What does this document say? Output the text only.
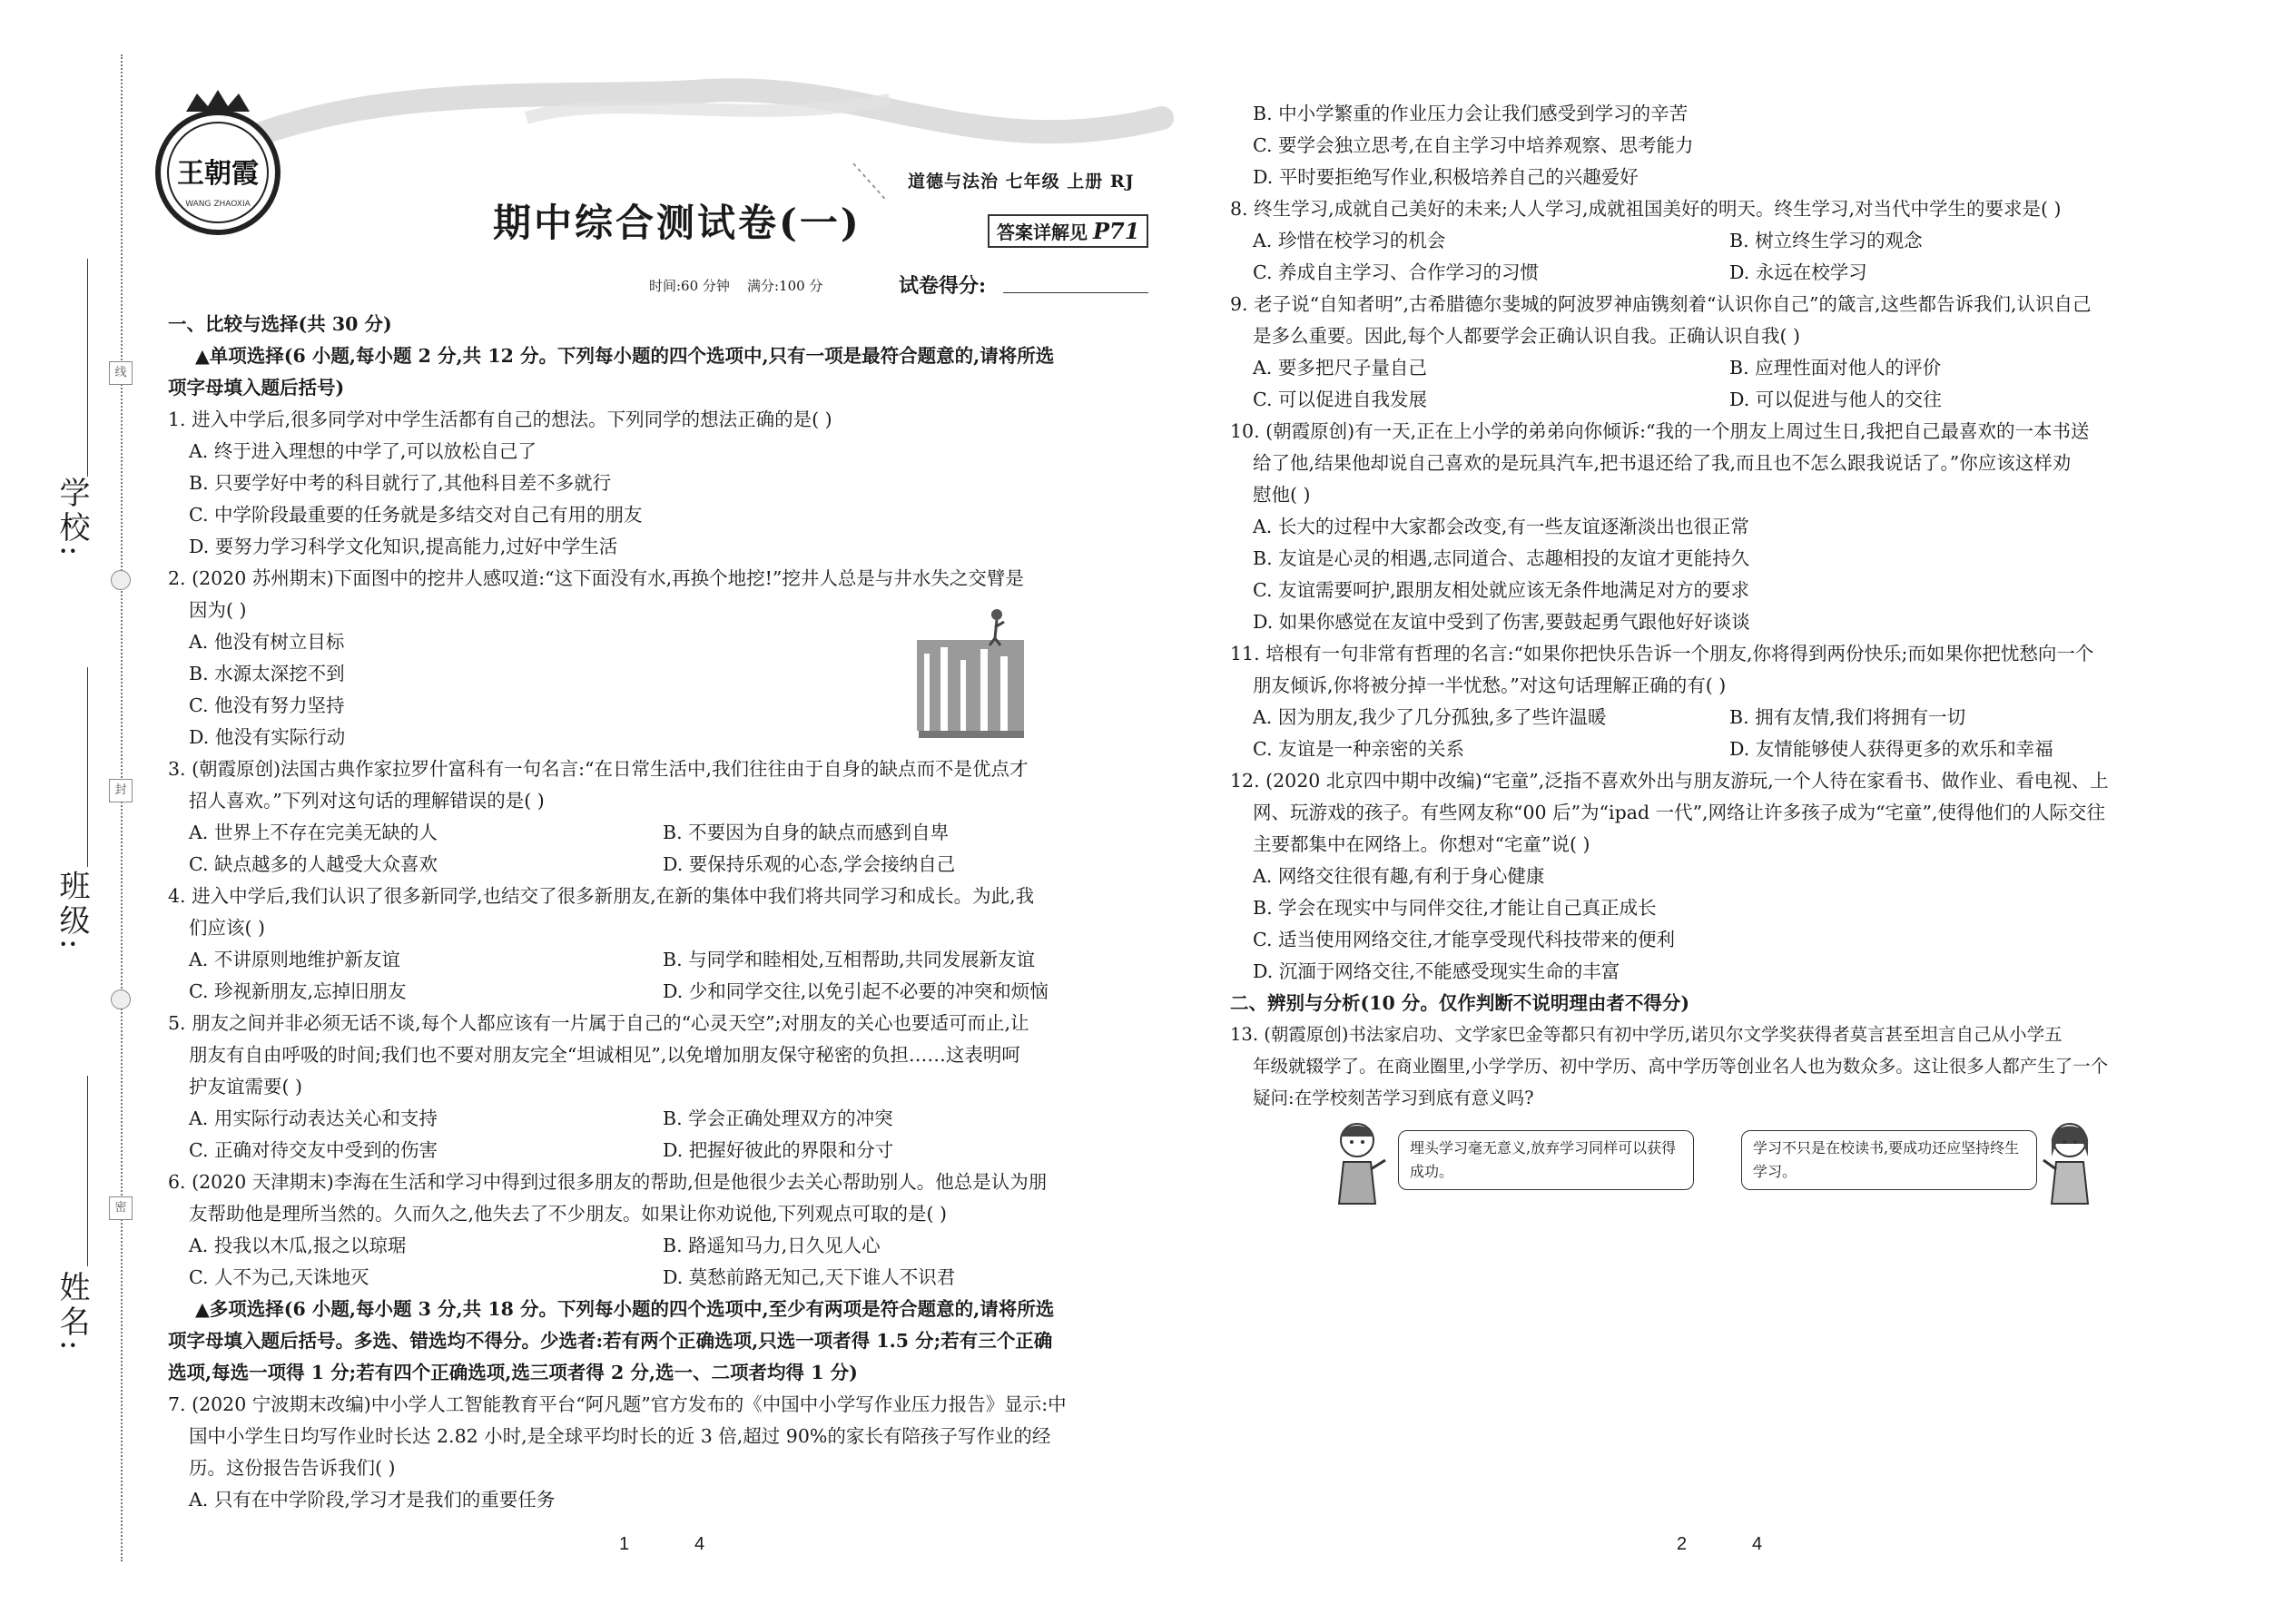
线
封
密
学校:
班级:
姓名:
王朝霞
WANG ZHAOXIA
道德与法治 七年级 上册 RJ
期中综合测试卷(一)	答案详解见 P71
时间:60 分钟    满分:100 分	试卷得分:
一、比较与选择(共 30 分)
▲单项选择(6 小题,每小题 2 分,共 12 分。下列每小题的四个选项中,只有一项是最符合题意的,请将所选
项字母填入题后括号)
1. 进入中学后,很多同学对中学生活都有自己的想法。下列同学的想法正确的是( )
A. 终于进入理想的中学了,可以放松自己了
B. 只要学好中考的科目就行了,其他科目差不多就行
C. 中学阶段最重要的任务就是多结交对自己有用的朋友
D. 要努力学习科学文化知识,提高能力,过好中学生活
2. (2020 苏州期末)下面图中的挖井人感叹道:“这下面没有水,再换个地挖!”挖井人总是与井水失之交臂是
因为( )
A. 他没有树立目标
B. 水源太深挖不到
C. 他没有努力坚持
D. 他没有实际行动
3. (朝霞原创)法国古典作家拉罗什富科有一句名言:“在日常生活中,我们往往由于自身的缺点而不是优点才
招人喜欢。”下列对这句话的理解错误的是( )
A. 世界上不存在完美无缺的人	B. 不要因为自身的缺点而感到自卑
C. 缺点越多的人越受大众喜欢	D. 要保持乐观的心态,学会接纳自己
4. 进入中学后,我们认识了很多新同学,也结交了很多新朋友,在新的集体中我们将共同学习和成长。为此,我
们应该( )
A. 不讲原则地维护新友谊	B. 与同学和睦相处,互相帮助,共同发展新友谊
C. 珍视新朋友,忘掉旧朋友	D. 少和同学交往,以免引起不必要的冲突和烦恼
5. 朋友之间并非必须无话不谈,每个人都应该有一片属于自己的“心灵天空”;对朋友的关心也要适可而止,让
朋友有自由呼吸的时间;我们也不要对朋友完全“坦诚相见”,以免增加朋友保守秘密的负担……这表明呵
护友谊需要( )
A. 用实际行动表达关心和支持	B. 学会正确处理双方的冲突
C. 正确对待交友中受到的伤害	D. 把握好彼此的界限和分寸
6. (2020 天津期末)李海在生活和学习中得到过很多朋友的帮助,但是他很少去关心帮助别人。他总是认为朋
友帮助他是理所当然的。久而久之,他失去了不少朋友。如果让你劝说他,下列观点可取的是( )
A. 投我以木瓜,报之以琼琚	B. 路遥知马力,日久见人心
C. 人不为己,天诛地灭	D. 莫愁前路无知己,天下谁人不识君
▲多项选择(6 小题,每小题 3 分,共 18 分。下列每小题的四个选项中,至少有两项是符合题意的,请将所选
项字母填入题后括号。多选、错选均不得分。少选者:若有两个正确选项,只选一项者得 1.5 分;若有三个正确
选项,每选一项得 1 分;若有四个正确选项,选三项者得 2 分,选一、二项者均得 1 分)
7. (2020 宁波期末改编)中小学人工智能教育平台“阿凡题”官方发布的《中国中小学写作业压力报告》显示:中
国中小学生日均写作业时长达 2.82 小时,是全球平均时长的近 3 倍,超过 90%的家长有陪孩子写作业的经
历。这份报告告诉我们( )
A. 只有在中学阶段,学习才是我们的重要任务
1	4
B. 中小学繁重的作业压力会让我们感受到学习的辛苦
C. 要学会独立思考,在自主学习中培养观察、思考能力
D. 平时要拒绝写作业,积极培养自己的兴趣爱好
8. 终生学习,成就自己美好的未来;人人学习,成就祖国美好的明天。终生学习,对当代中学生的要求是( )
A. 珍惜在校学习的机会	B. 树立终生学习的观念
C. 养成自主学习、合作学习的习惯	D. 永远在校学习
9. 老子说“自知者明”,古希腊德尔斐城的阿波罗神庙镌刻着“认识你自己”的箴言,这些都告诉我们,认识自己
是多么重要。因此,每个人都要学会正确认识自我。正确认识自我( )
A. 要多把尺子量自己	B. 应理性面对他人的评价
C. 可以促进自我发展	D. 可以促进与他人的交往
10. (朝霞原创)有一天,正在上小学的弟弟向你倾诉:“我的一个朋友上周过生日,我把自己最喜欢的一本书送
给了他,结果他却说自己喜欢的是玩具汽车,把书退还给了我,而且也不怎么跟我说话了。”你应该这样劝
慰他( )
A. 长大的过程中大家都会改变,有一些友谊逐渐淡出也很正常
B. 友谊是心灵的相遇,志同道合、志趣相投的友谊才更能持久
C. 友谊需要呵护,跟朋友相处就应该无条件地满足对方的要求
D. 如果你感觉在友谊中受到了伤害,要鼓起勇气跟他好好谈谈
11. 培根有一句非常有哲理的名言:“如果你把快乐告诉一个朋友,你将得到两份快乐;而如果你把忧愁向一个
朋友倾诉,你将被分掉一半忧愁。”对这句话理解正确的有( )
A. 因为朋友,我少了几分孤独,多了些许温暖	B. 拥有友情,我们将拥有一切
C. 友谊是一种亲密的关系	D. 友情能够使人获得更多的欢乐和幸福
12. (2020 北京四中期中改编)“宅童”,泛指不喜欢外出与朋友游玩,一个人待在家看书、做作业、看电视、上
网、玩游戏的孩子。有些网友称“00 后”为“ipad 一代”,网络让许多孩子成为“宅童”,使得他们的人际交往
主要都集中在网络上。你想对“宅童”说( )
A. 网络交往很有趣,有利于身心健康
B. 学会在现实中与同伴交往,才能让自己真正成长
C. 适当使用网络交往,才能享受现代科技带来的便利
D. 沉湎于网络交往,不能感受现实生命的丰富
二、辨别与分析(10 分。仅作判断不说明理由者不得分)
13. (朝霞原创)书法家启功、文学家巴金等都只有初中学历,诺贝尔文学奖获得者莫言甚至坦言自己从小学五
年级就辍学了。在商业圈里,小学学历、初中学历、高中学历等创业名人也为数众多。这让很多人都产生了一个
疑问:在学校刻苦学习到底有意义吗?
埋头学习毫无意义,放弃学习同样可以获得成功。
学习不只是在校读书,要成功还应坚持终生学习。
2	4
